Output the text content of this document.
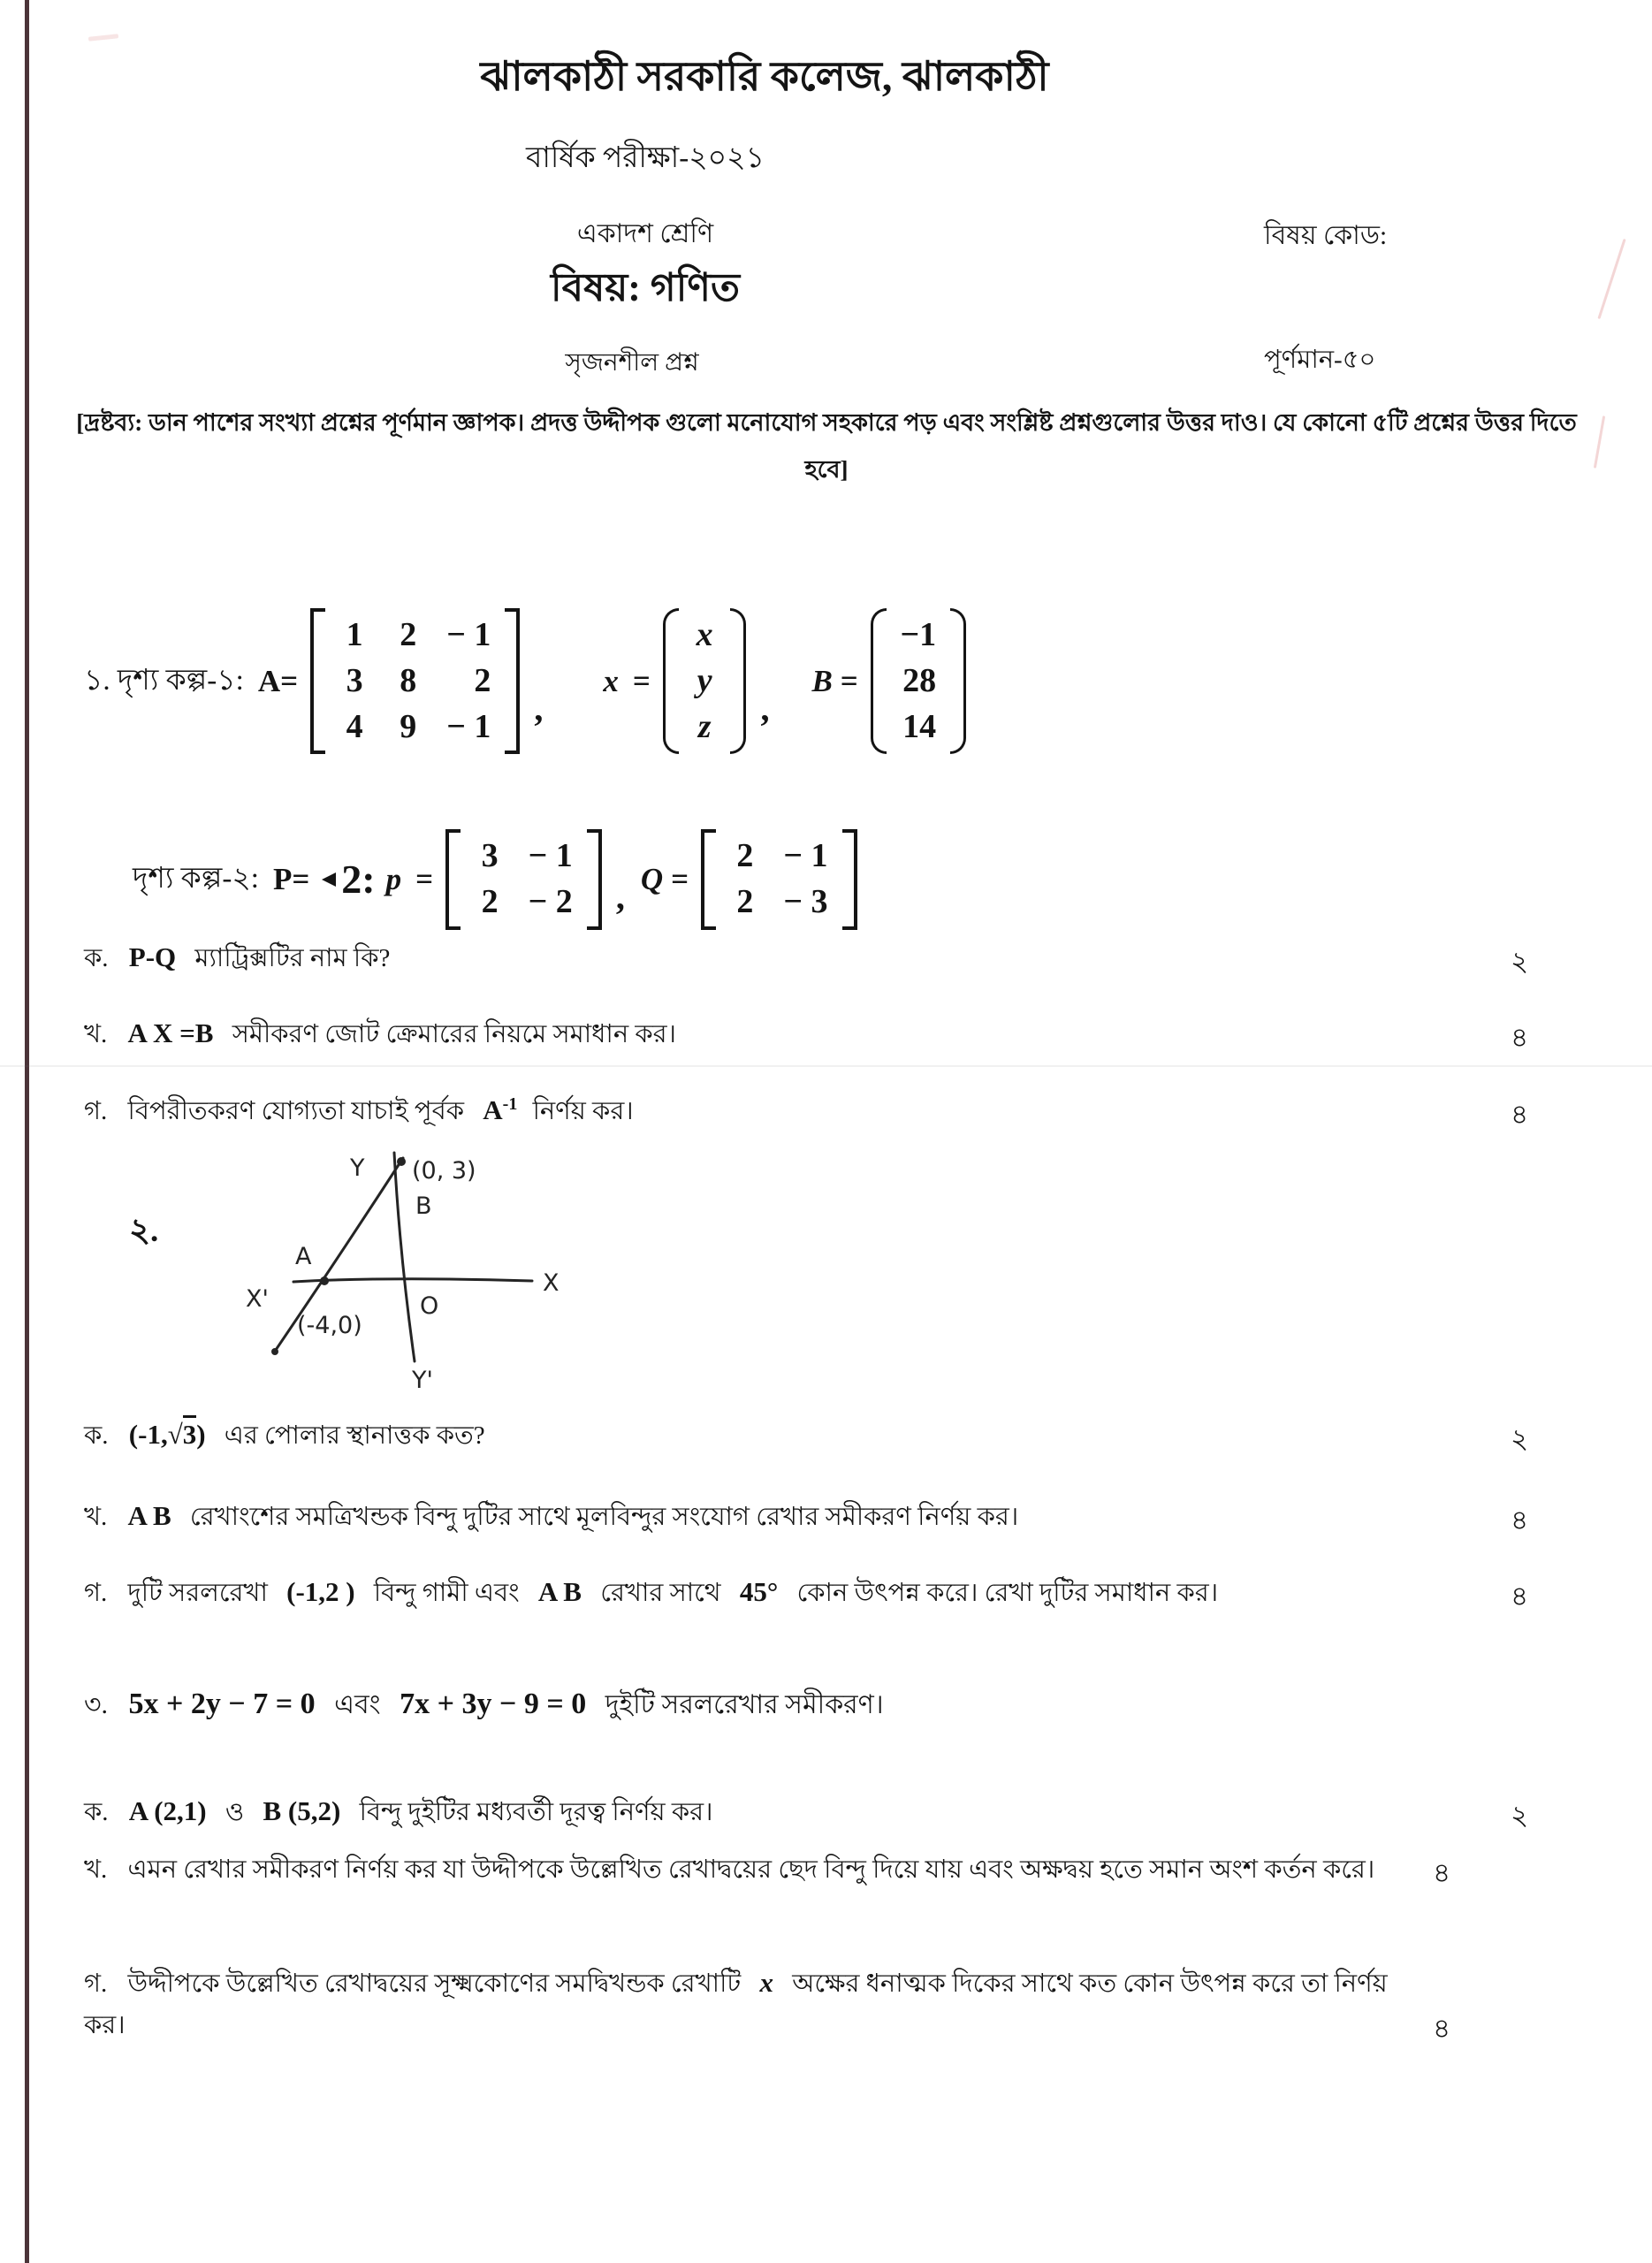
ঝালকাঠী সরকারি কলেজ, ঝালকাঠী
বার্ষিক পরীক্ষা-২০২১
একাদশ শ্রেণি	বিষয় কোড:
বিষয়: গণিত
সৃজনশীল প্রশ্ন	পূর্ণমান-৫০
[দ্রষ্টব্য: ডান পাশের সংখ্যা প্রশ্নের পূর্ণমান জ্ঞাপক। প্রদত্ত উদ্দীপক গুলো মনোযোগ সহকারে পড় এবং সংশ্লিষ্ট প্রশ্নগুলোর উত্তর দাও। যে কোনো ৫টি প্রশ্নের উত্তর দিতে হবে]
১. দৃশ্য কল্প-১: A=
1 2 − 1
3 8	2
4 9 − 1 ,
x =
x
y
z ,
B =
−1
28
14
দৃশ্য কল্প-২: P= 2: p =
3 − 1
2 − 2 , Q =
2 − 1
2 − 3
ক. P-Q ম্যাট্রিক্সটির নাম কি?	২
খ. A X =B সমীকরণ জোট ক্রেমারের নিয়মে সমাধান কর।	৪
গ. বিপরীতকরণ যোগ্যতা যাচাই পূর্বক $A^{-1}$ নির্ণয় কর।	৪
২.
Y (0, 3)
B
A
X'
(-4,0)
O
X
Y'
ক. (-1,√3) এর পোলার স্থানাত্তক কত?	২
খ. A B রেখাংশের সমত্রিখন্ডক বিন্দু দুটির সাথে মূলবিন্দুর সংযোগ রেখার সমীকরণ নির্ণয় কর।	৪
গ. দুটি সরলরেখা (-1,2 ) বিন্দু গামী এবং A B রেখার সাথে 45° কোন উৎপন্ন করে। রেখা দুটির সমাধান কর।	৪
৩. 5x + 2y − 7 = 0 এবং 7x + 3y − 9 = 0 দুইটি সরলরেখার সমীকরণ।
ক. A (2,1) ও B (5,2) বিন্দু দুইটির মধ্যবর্তী দূরত্ব নির্ণয় কর।	২
খ. এমন রেখার সমীকরণ নির্ণয় কর যা উদ্দীপকে উল্লেখিত রেখাদ্বয়ের ছেদ বিন্দু দিয়ে যায় এবং অক্ষদ্বয় হতে সমান অংশ কর্তন করে।	৪
গ. উদ্দীপকে উল্লেখিত রেখাদ্বয়ের সূক্ষ্মকোণের সমদ্বিখন্ডক রেখাটি x অক্ষের ধনাত্মক দিকের সাথে কত কোন উৎপন্ন করে তা নির্ণয় কর।	৪
